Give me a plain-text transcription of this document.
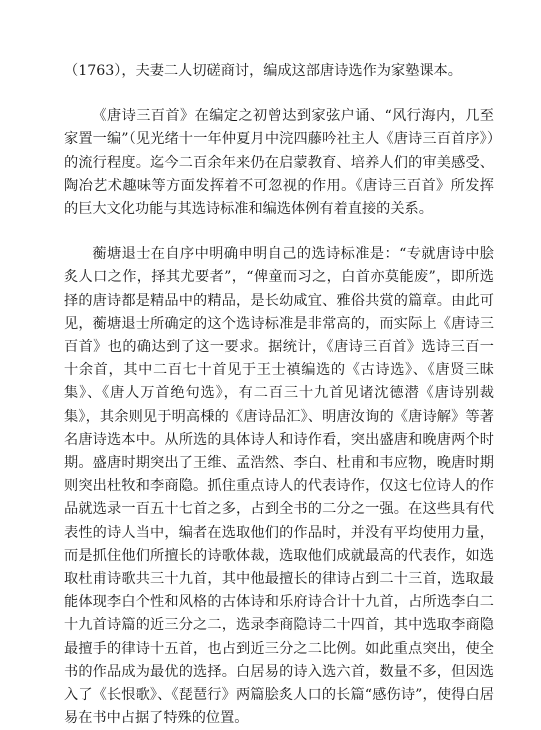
（1763），夫妻二人切磋商讨，编成这部唐诗选作为家塾课本。

《唐诗三百首》在编定之初曾达到家弦户诵、“风行海内，几至家置一编”（见光绪十一年仲夏月中浣四藤吟社主人《唐诗三百首序》）的流行程度。迄今二百余年来仍在启蒙教育、培养人们的审美感受、陶冶艺术趣味等方面发挥着不可忽视的作用。《唐诗三百首》所发挥的巨大文化功能与其选诗标准和编选体例有着直接的关系。

蘅塘退士在自序中明确申明自己的选诗标准是：“专就唐诗中脍炙人口之作，择其尤要者”，“俾童而习之，白首亦莫能废”，即所选择的唐诗都是精品中的精品，是长幼咸宜、雅俗共赏的篇章。由此可见，蘅塘退士所确定的这个选诗标准是非常高的，而实际上《唐诗三百首》也的确达到了这一要求。据统计，《唐诗三百首》选诗三百一十余首，其中二百七十首见于王士禛编选的《古诗选》、《唐贤三昧集》、《唐人万首绝句选》，有二百三十九首见诸沈德潜《唐诗别裁集》，其余则见于明高棅的《唐诗品汇》、明唐汝询的《唐诗解》等著名唐诗选本中。从所选的具体诗人和诗作看，突出盛唐和晚唐两个时期。盛唐时期突出了王维、孟浩然、李白、杜甫和韦应物，晚唐时期则突出杜牧和李商隐。抓住重点诗人的代表诗作，仅这七位诗人的作品就选录一百五十七首之多，占到全书的二分之一强。在这些具有代表性的诗人当中，编者在选取他们的作品时，并没有平均使用力量，而是抓住他们所擅长的诗歌体裁，选取他们成就最高的代表作，如选取杜甫诗歌共三十九首，其中他最擅长的律诗占到二十三首，选取最能体现李白个性和风格的古体诗和乐府诗合计十九首，占所选李白二十九首诗篇的近三分之二，选录李商隐诗二十四首，其中选取李商隐最擅手的律诗十五首，也占到近三分之二比例。如此重点突出，使全书的作品成为最优的选择。白居易的诗入选六首，数量不多，但因选入了《长恨歌》、《琵琶行》两篇脍炙人口的长篇“感伤诗”，使得白居易在书中占据了特殊的位置。
